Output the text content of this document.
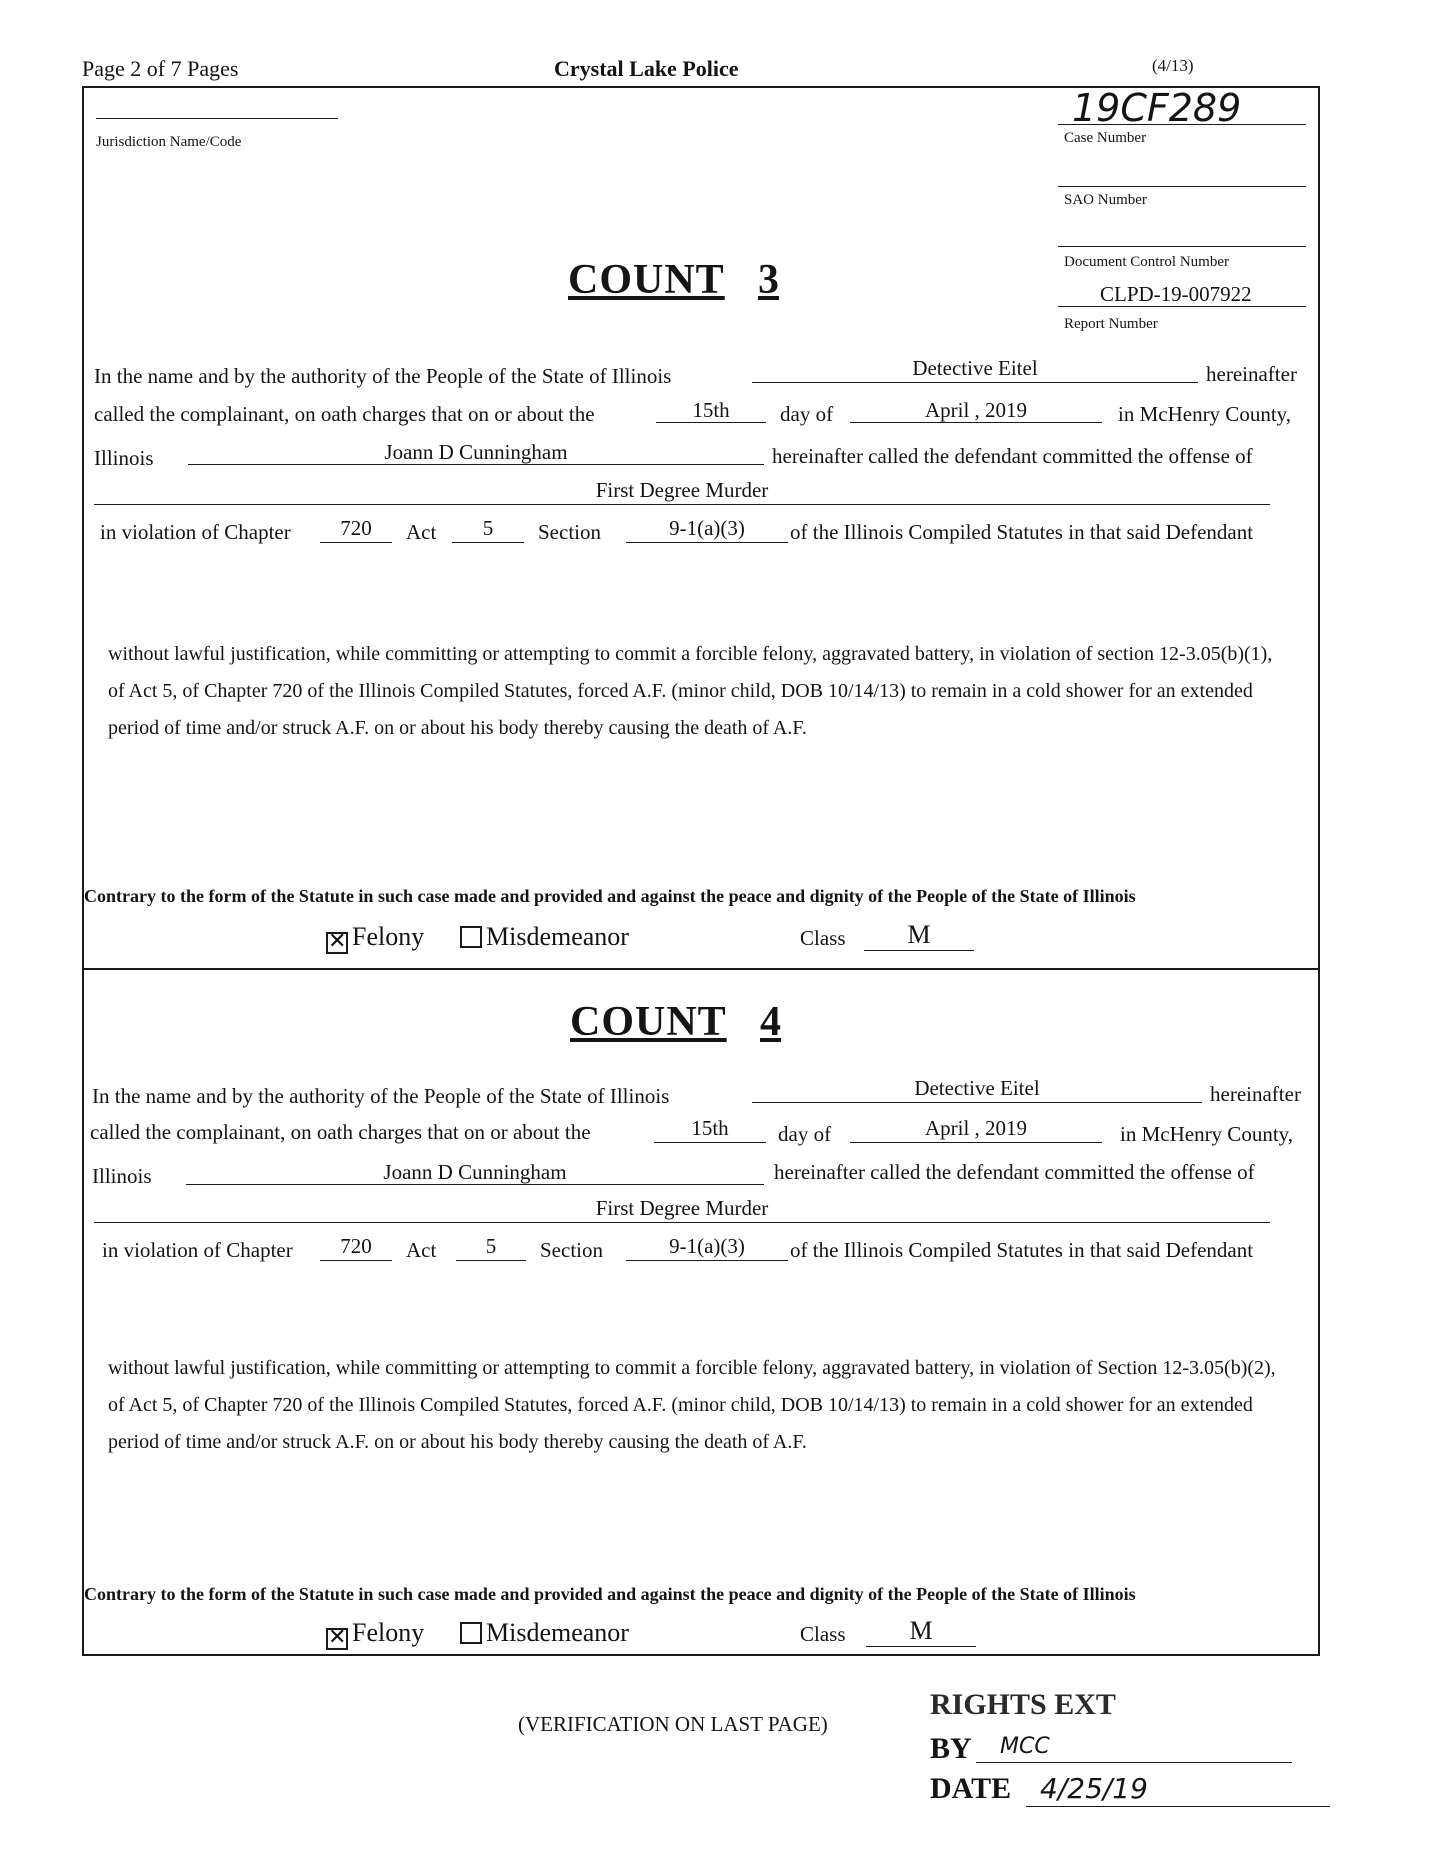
Page 2 of 7 Pages	Crystal Lake Police	(4/13)
Jurisdiction Name/Code
19CF289
Case Number
SAO Number
Document Control Number
CLPD-19-007922
Report Number
COUNT 3
In the name and by the authority of the People of the State of Illinois	Detective Eitel	hereinafter
called the complainant, on oath charges that on or about the	15th	day of	April , 2019	in McHenry County,
Illinois	Joann D Cunningham	hereinafter called the defendant committed the offense of
First Degree Murder
in violation of Chapter	720	Act	5	Section	9-1(a)(3)	of the Illinois Compiled Statutes in that said Defendant
without lawful justification, while committing or attempting to commit a forcible felony, aggravated battery, in violation of section 12-3.05(b)(1), of Act 5, of Chapter 720 of the Illinois Compiled Statutes, forced A.F. (minor child, DOB 10/14/13) to remain in a cold shower for an extended period of time and/or struck A.F. on or about his body thereby causing the death of A.F.
Contrary to the form of the Statute in such case made and provided and against the peace and dignity of the People of the State of Illinois
✕ Felony	Misdemeanor	Class	M
COUNT 4
In the name and by the authority of the People of the State of Illinois	Detective Eitel	hereinafter
called the complainant, on oath charges that on or about the	15th	day of	April , 2019	in McHenry County,
Illinois	Joann D Cunningham	hereinafter called the defendant committed the offense of
First Degree Murder
in violation of Chapter	720	Act	5	Section	9-1(a)(3)	of the Illinois Compiled Statutes in that said Defendant
without lawful justification, while committing or attempting to commit a forcible felony, aggravated battery, in violation of Section 12-3.05(b)(2), of Act 5, of Chapter 720 of the Illinois Compiled Statutes, forced A.F. (minor child, DOB 10/14/13) to remain in a cold shower for an extended period of time and/or struck A.F. on or about his body thereby causing the death of A.F.
Contrary to the form of the Statute in such case made and provided and against the peace and dignity of the People of the State of Illinois
✕ Felony	Misdemeanor	Class	M
(VERIFICATION ON LAST PAGE)
RIGHTS EXT
BY MCC
DATE 4/25/19
